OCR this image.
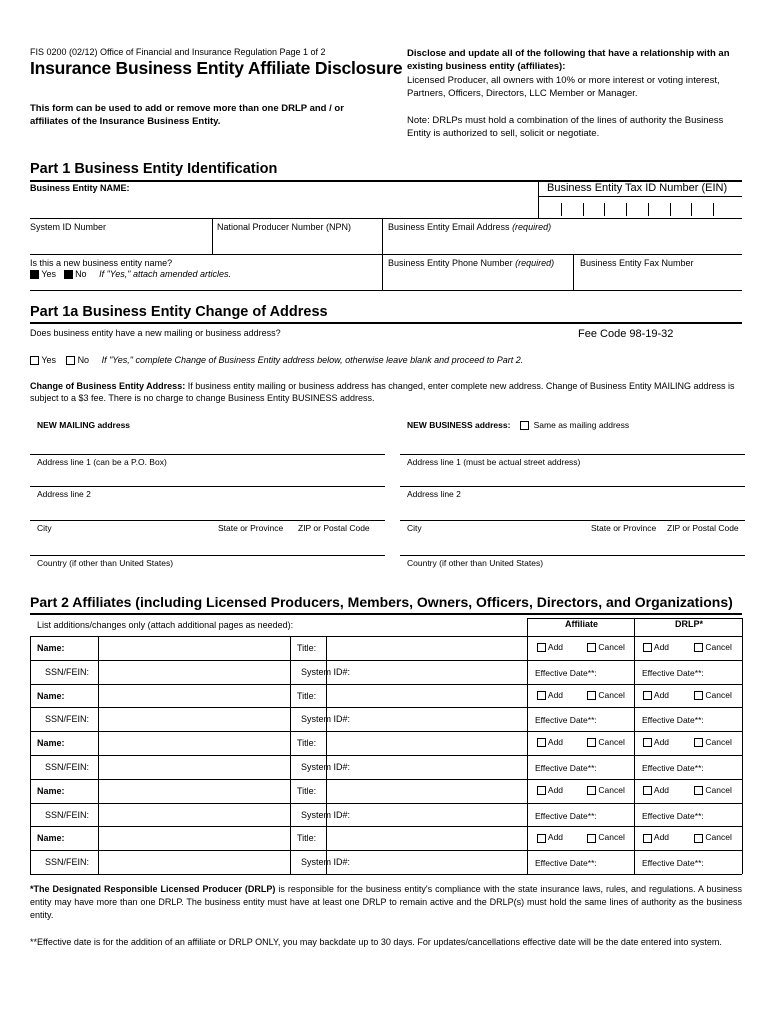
FIS 0200 (02/12) Office of Financial and Insurance Regulation Page 1 of 2
Insurance Business Entity Affiliate Disclosure
This form can be used to add or remove more than one DRLP and / or affiliates of the Insurance Business Entity.
Disclose and update all of the following that have a relationship with an existing business entity (affiliates):
Licensed Producer, all owners with 10% or more interest or voting interest, Partners, Officers, Directors, LLC Member or Manager.
Note: DRLPs must hold a combination of the lines of authority the Business Entity is authorized to sell, solicit or negotiate.
Part 1 Business Entity Identification
Business Entity NAME:	Business Entity Tax ID Number (EIN)
System ID Number	National Producer Number (NPN)	Business Entity Email Address (required)
Is this a new business entity name?
Yes No If "Yes," attach amended articles.
Business Entity Phone Number (required)	Business Entity Fax Number
Part 1a Business Entity Change of Address
Does business entity have a new mailing or business address?	Fee Code 98-19-32
Yes No If "Yes," complete Change of Business Entity address below, otherwise leave blank and proceed to Part 2.
Change of Business Entity Address: If business entity mailing or business address has changed, enter complete new address. Change of Business Entity MAILING address is subject to a $3 fee. There is no charge to change Business Entity BUSINESS address.
NEW MAILING address	NEW BUSINESS address:	Same as mailing address
Address line 1 (can be a P.O. Box)
Address line 2
City	State or Province ZIP or Postal Code
Country (if other than United States)
Address line 1 (must be actual street address)
Address line 2
City	State or Province ZIP or Postal Code
Country (if other than United States)
Part 2 Affiliates (including Licensed Producers, Members, Owners, Officers, Directors, and Organizations)
List additions/changes only (attach additional pages as needed):	Affiliate	DRLP*
Name:	Title:	Add	Cancel	Add	Cancel
SSN/FEIN:	System ID#:	Effective Date**:	Effective Date**:
Name:	Title:	Add	Cancel	Add	Cancel
SSN/FEIN:	System ID#:	Effective Date**:	Effective Date**:
Name:	Title:	Add	Cancel	Add	Cancel
SSN/FEIN:	System ID#:	Effective Date**:	Effective Date**:
Name:	Title:	Add	Cancel	Add	Cancel
SSN/FEIN:	System ID#:	Effective Date**:	Effective Date**:
Name:	Title:	Add	Cancel	Add	Cancel
SSN/FEIN:	System ID#:	Effective Date**:	Effective Date**:
*The Designated Responsible Licensed Producer (DRLP) is responsible for the business entity's compliance with the state insurance laws, rules, and regulations. A business entity may have more than one DRLP. The business entity must have at least one DRLP to remain active and the DRLP(s) must hold the same lines of authority as the business entity.
**Effective date is for the addition of an affiliate or DRLP ONLY, you may backdate up to 30 days. For updates/cancellations effective date will be the date entered into system.
